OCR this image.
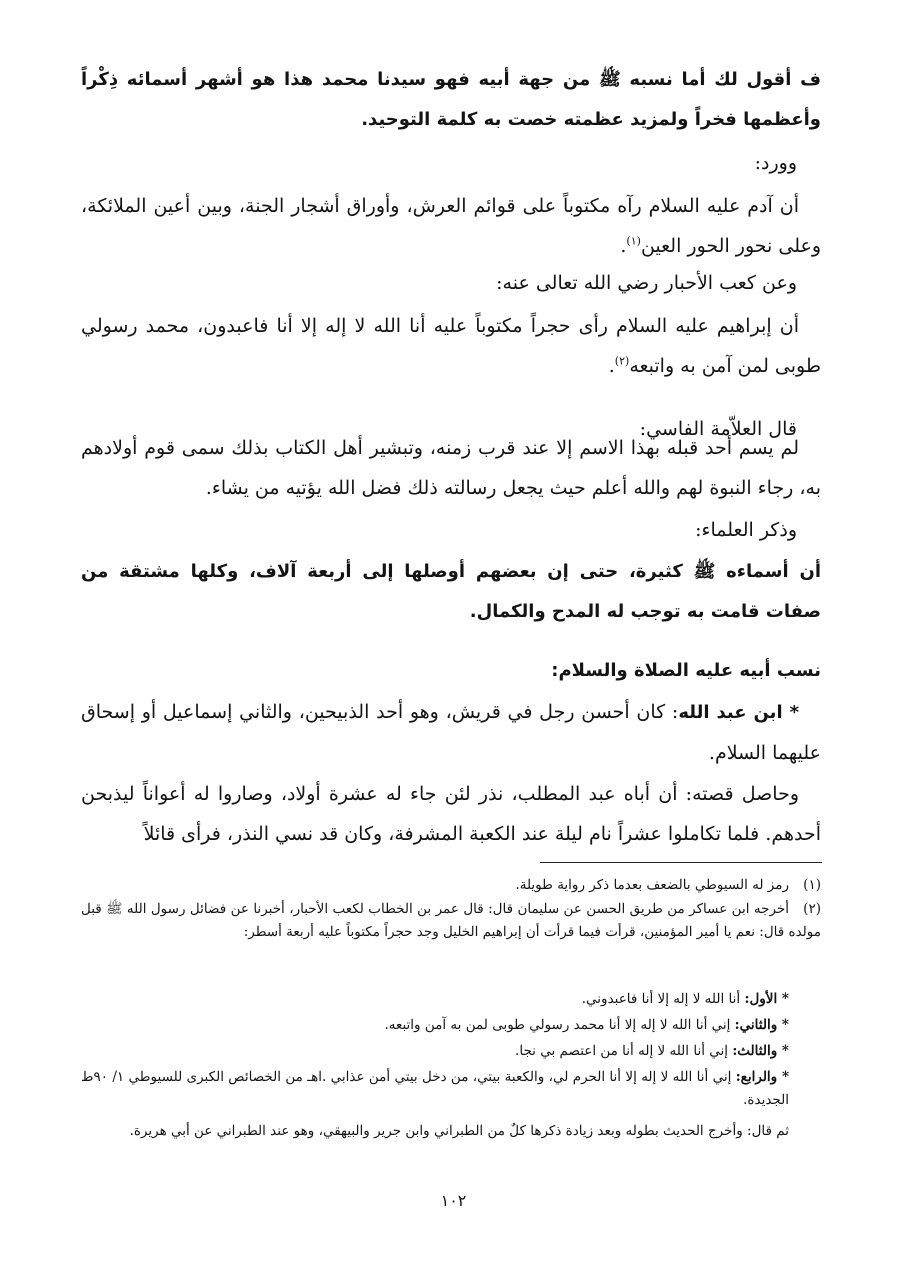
ف أقول لك أما نسبه ﷺ من جهة أبيه فهو سيدنا محمد هذا هو أشهر أسمائه ذِكْراً وأعظمها فخراً ولمزيد عظمته خصت به كلمة التوحيد.

وورد:

أن آدم عليه السلام رآه مكتوباً على قوائم العرش، وأوراق أشجار الجنة، وبين أعين الملائكة، وعلى نحور الحور العين$^{(١)}$.

وعن كعب الأحبار رضي الله تعالى عنه:

أن إبراهيم عليه السلام رأى حجراً مكتوباً عليه أنا الله لا إله إلا أنا فاعبدون، محمد رسولي طوبى لمن آمن به واتبعه$^{(٢)}$.

قال العلاّمة الفاسي:

لم يسم أحد قبله بهذا الاسم إلا عند قرب زمنه، وتبشير أهل الكتاب بذلك سمى قوم أولادهم به، رجاء النبوة لهم والله أعلم حيث يجعل رسالته ذلك فضل الله يؤتيه من يشاء.

وذكر العلماء:

أن أسماءه ﷺ كثيرة، حتى إن بعضهم أوصلها إلى أربعة آلاف، وكلها مشتقة من صفات قامت به توجب له المدح والكمال.

نسب أبيه عليه الصلاة والسلام:

* ابن عبد الله: كان أحسن رجل في قريش، وهو أحد الذبيحين، والثاني إسماعيل أو إسحاق عليهما السلام.

وحاصل قصته: أن أباه عبد المطلب، نذر لئن جاء له عشرة أولاد، وصاروا له أعواناً ليذبحن أحدهم. فلما تكاملوا عشراً نام ليلة عند الكعبة المشرفة، وكان قد نسي النذر، فرأى قائلاً

(١)رمز له السيوطي بالضعف بعدما ذكر رواية طويلة.

(٢)أخرجه ابن عساكر من طريق الحسن عن سليمان قال: قال عمر بن الخطاب لكعب الأحبار، أخبرنا عن فضائل رسول الله ﷺ قبل مولده قال: نعم يا أمير المؤمنين، قرأت فيما قرأت أن إبراهيم الخليل وجد حجراً مكتوباً عليه أربعة أسطر:

* الأول: أنا الله لا إله إلا أنا فاعبدوني.

* والثاني: إني أنا الله لا إله إلا أنا محمد رسولي طوبى لمن به آمن واتبعه.

* والثالث: إني أنا الله لا إله أنا من اعتصم بي نجا.

* والرابع: إني أنا الله لا إله إلا أنا الحرم لي، والكعبة بيتي، من دخل بيتي أمن عذابي .اهـ من الخصائص الكبرى للسيوطي ١/ ٩٠ط الجديدة.

ثم قال: وأخرج الحديث بطوله وبعد زيادة ذكرها كلٌ من الطبراني وابن جرير والبيهقي، وهو عند الطبراني عن أبي هريرة.

١٠٢
